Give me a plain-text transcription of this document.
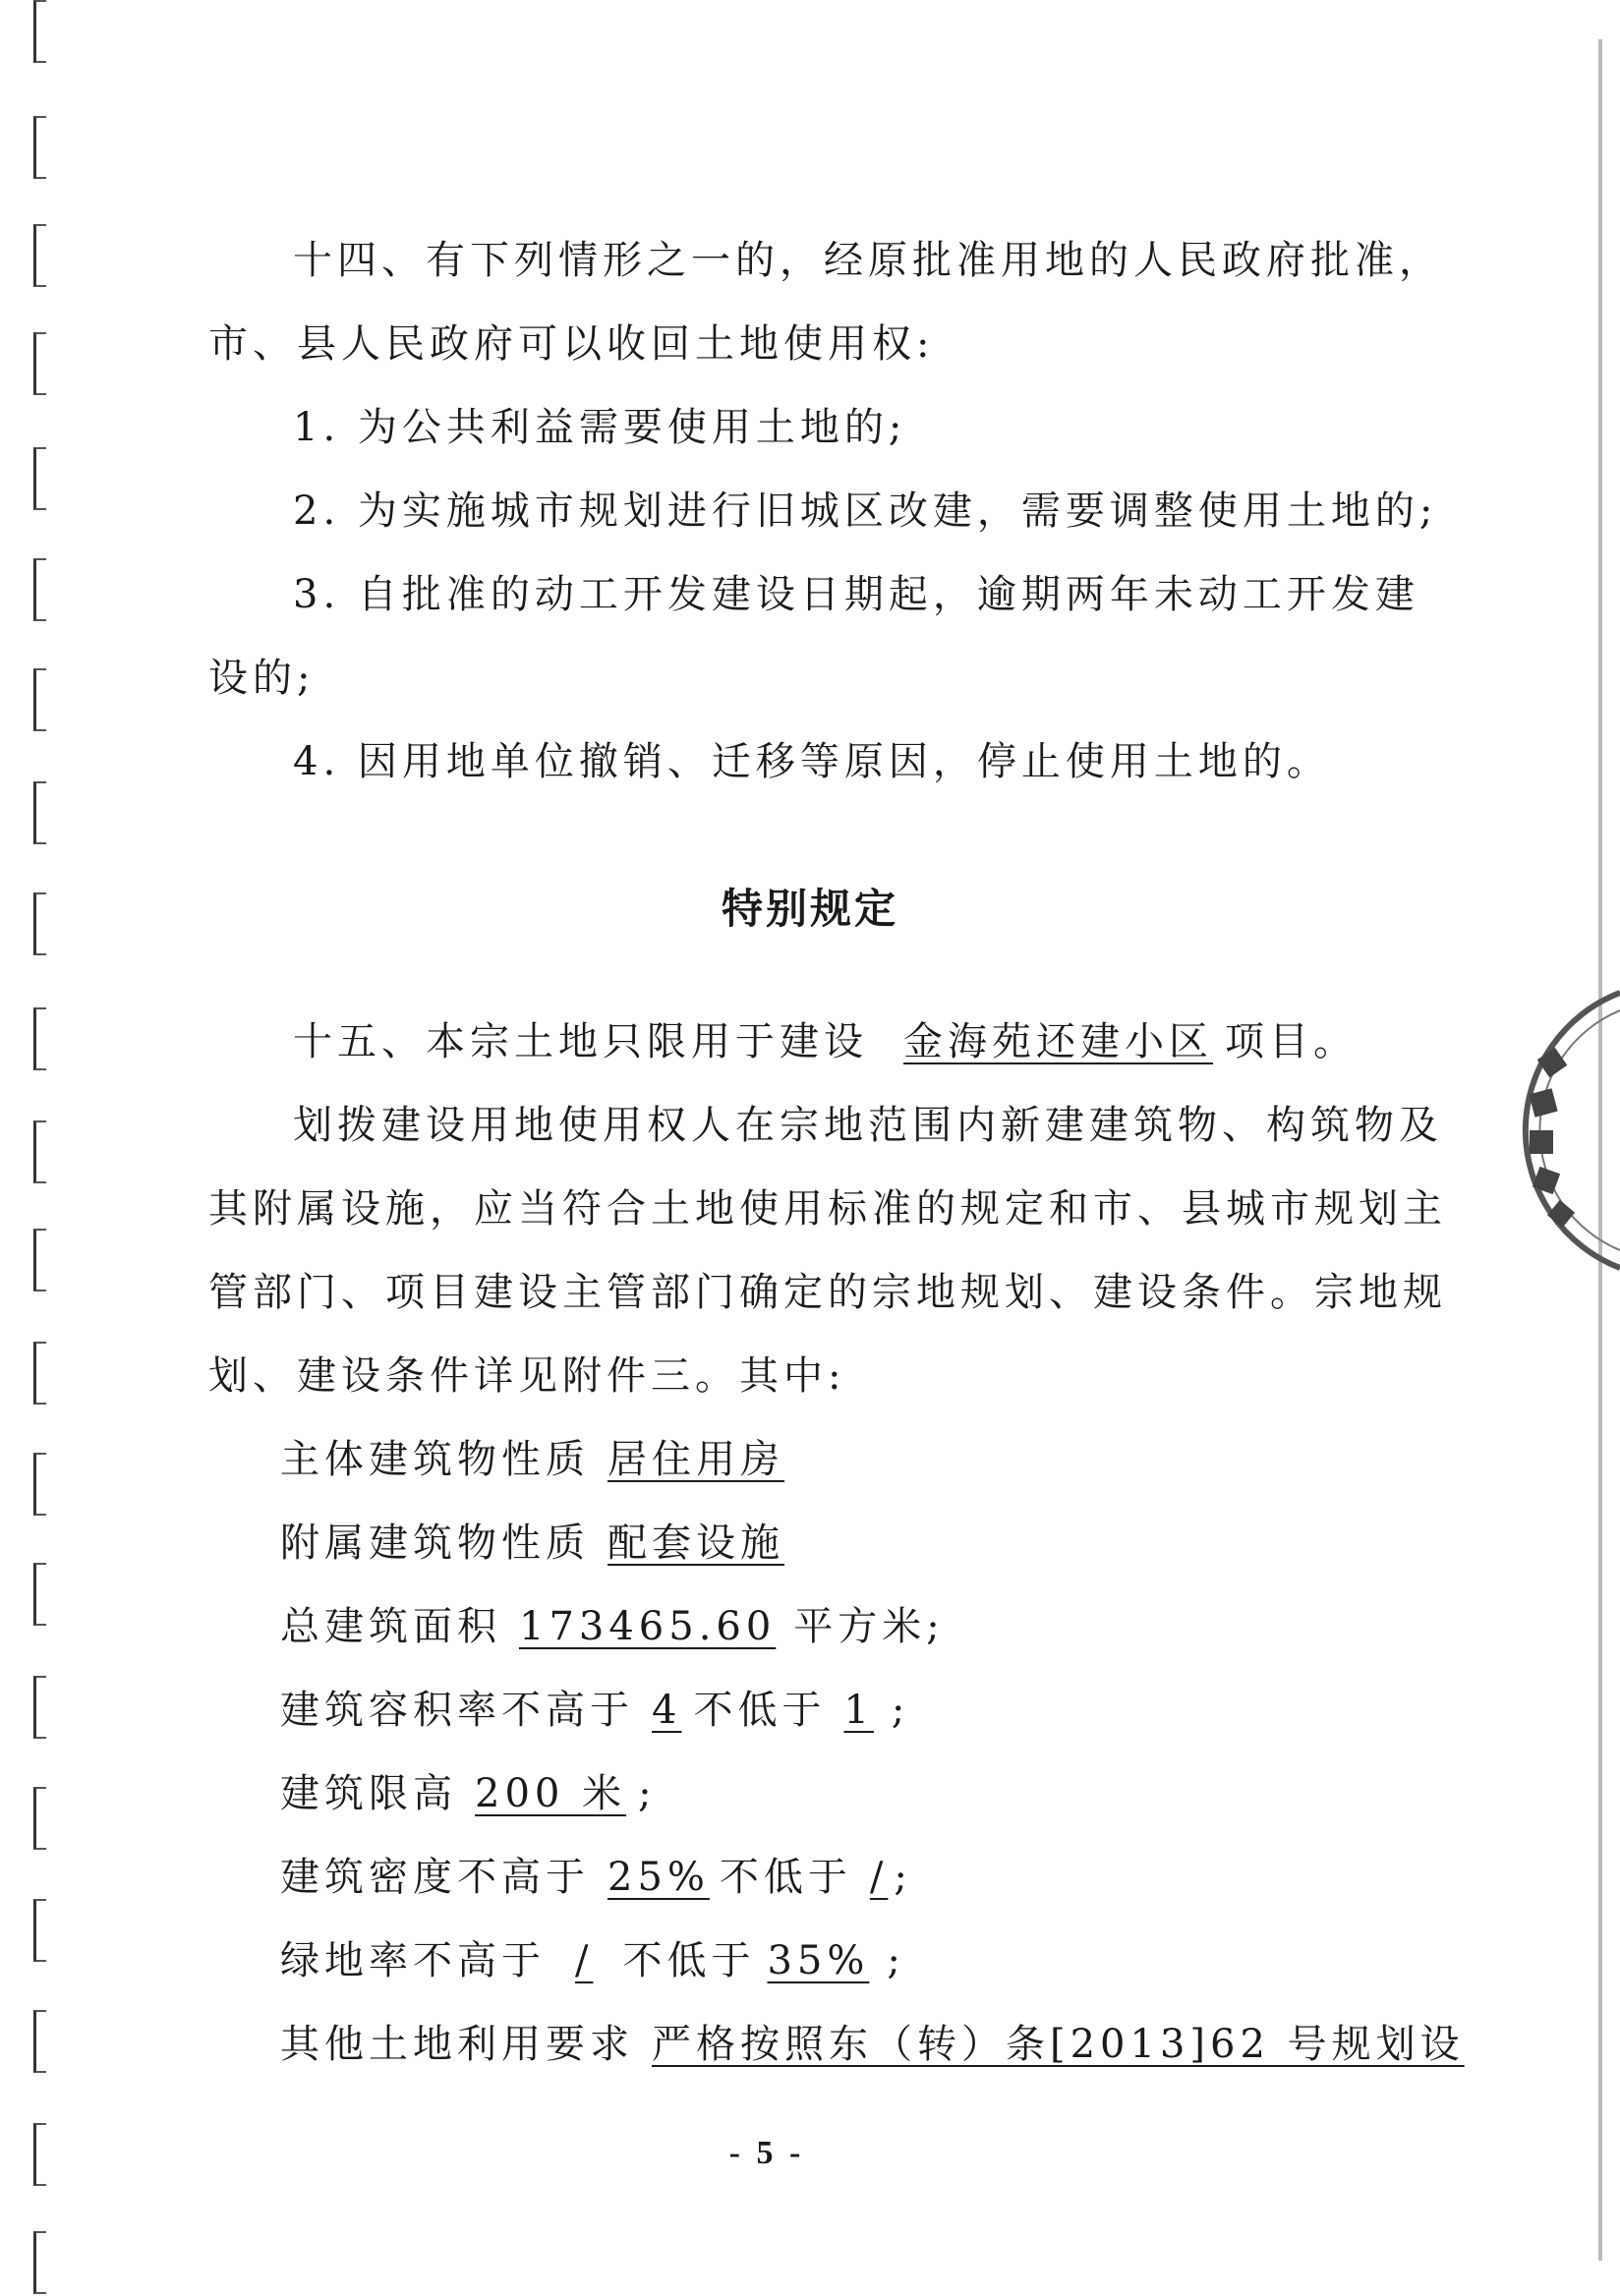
十四、有下列情形之一的，经原批准用地的人民政府批准，
市、县人民政府可以收回土地使用权:
1. 为公共利益需要使用土地的;
2. 为实施城市规划进行旧城区改建，需要调整使用土地的;
3. 自批准的动工开发建设日期起，逾期两年未动工开发建
设的;
4. 因用地单位撤销、迁移等原因，停止使用土地的。
特别规定
十五、本宗土地只限用于建设 金海苑还建小区 项目。
划拨建设用地使用权人在宗地范围内新建建筑物、构筑物及
其附属设施，应当符合土地使用标准的规定和市、县城市规划主
管部门、项目建设主管部门确定的宗地规划、建设条件。宗地规
划、建设条件详见附件三。其中:
主体建筑物性质 居住用房
附属建筑物性质 配套设施
总建筑面积 173465.60 平方米;
建筑容积率不高于 4 不低于 1 ;
建筑限高 200 米 ;
建筑密度不高于 25% 不低于 / ;
绿地率不高于 / 不低于 35% ;
其他土地利用要求 严格按照东（转）条[2013]62 号规划设
- 5 -
